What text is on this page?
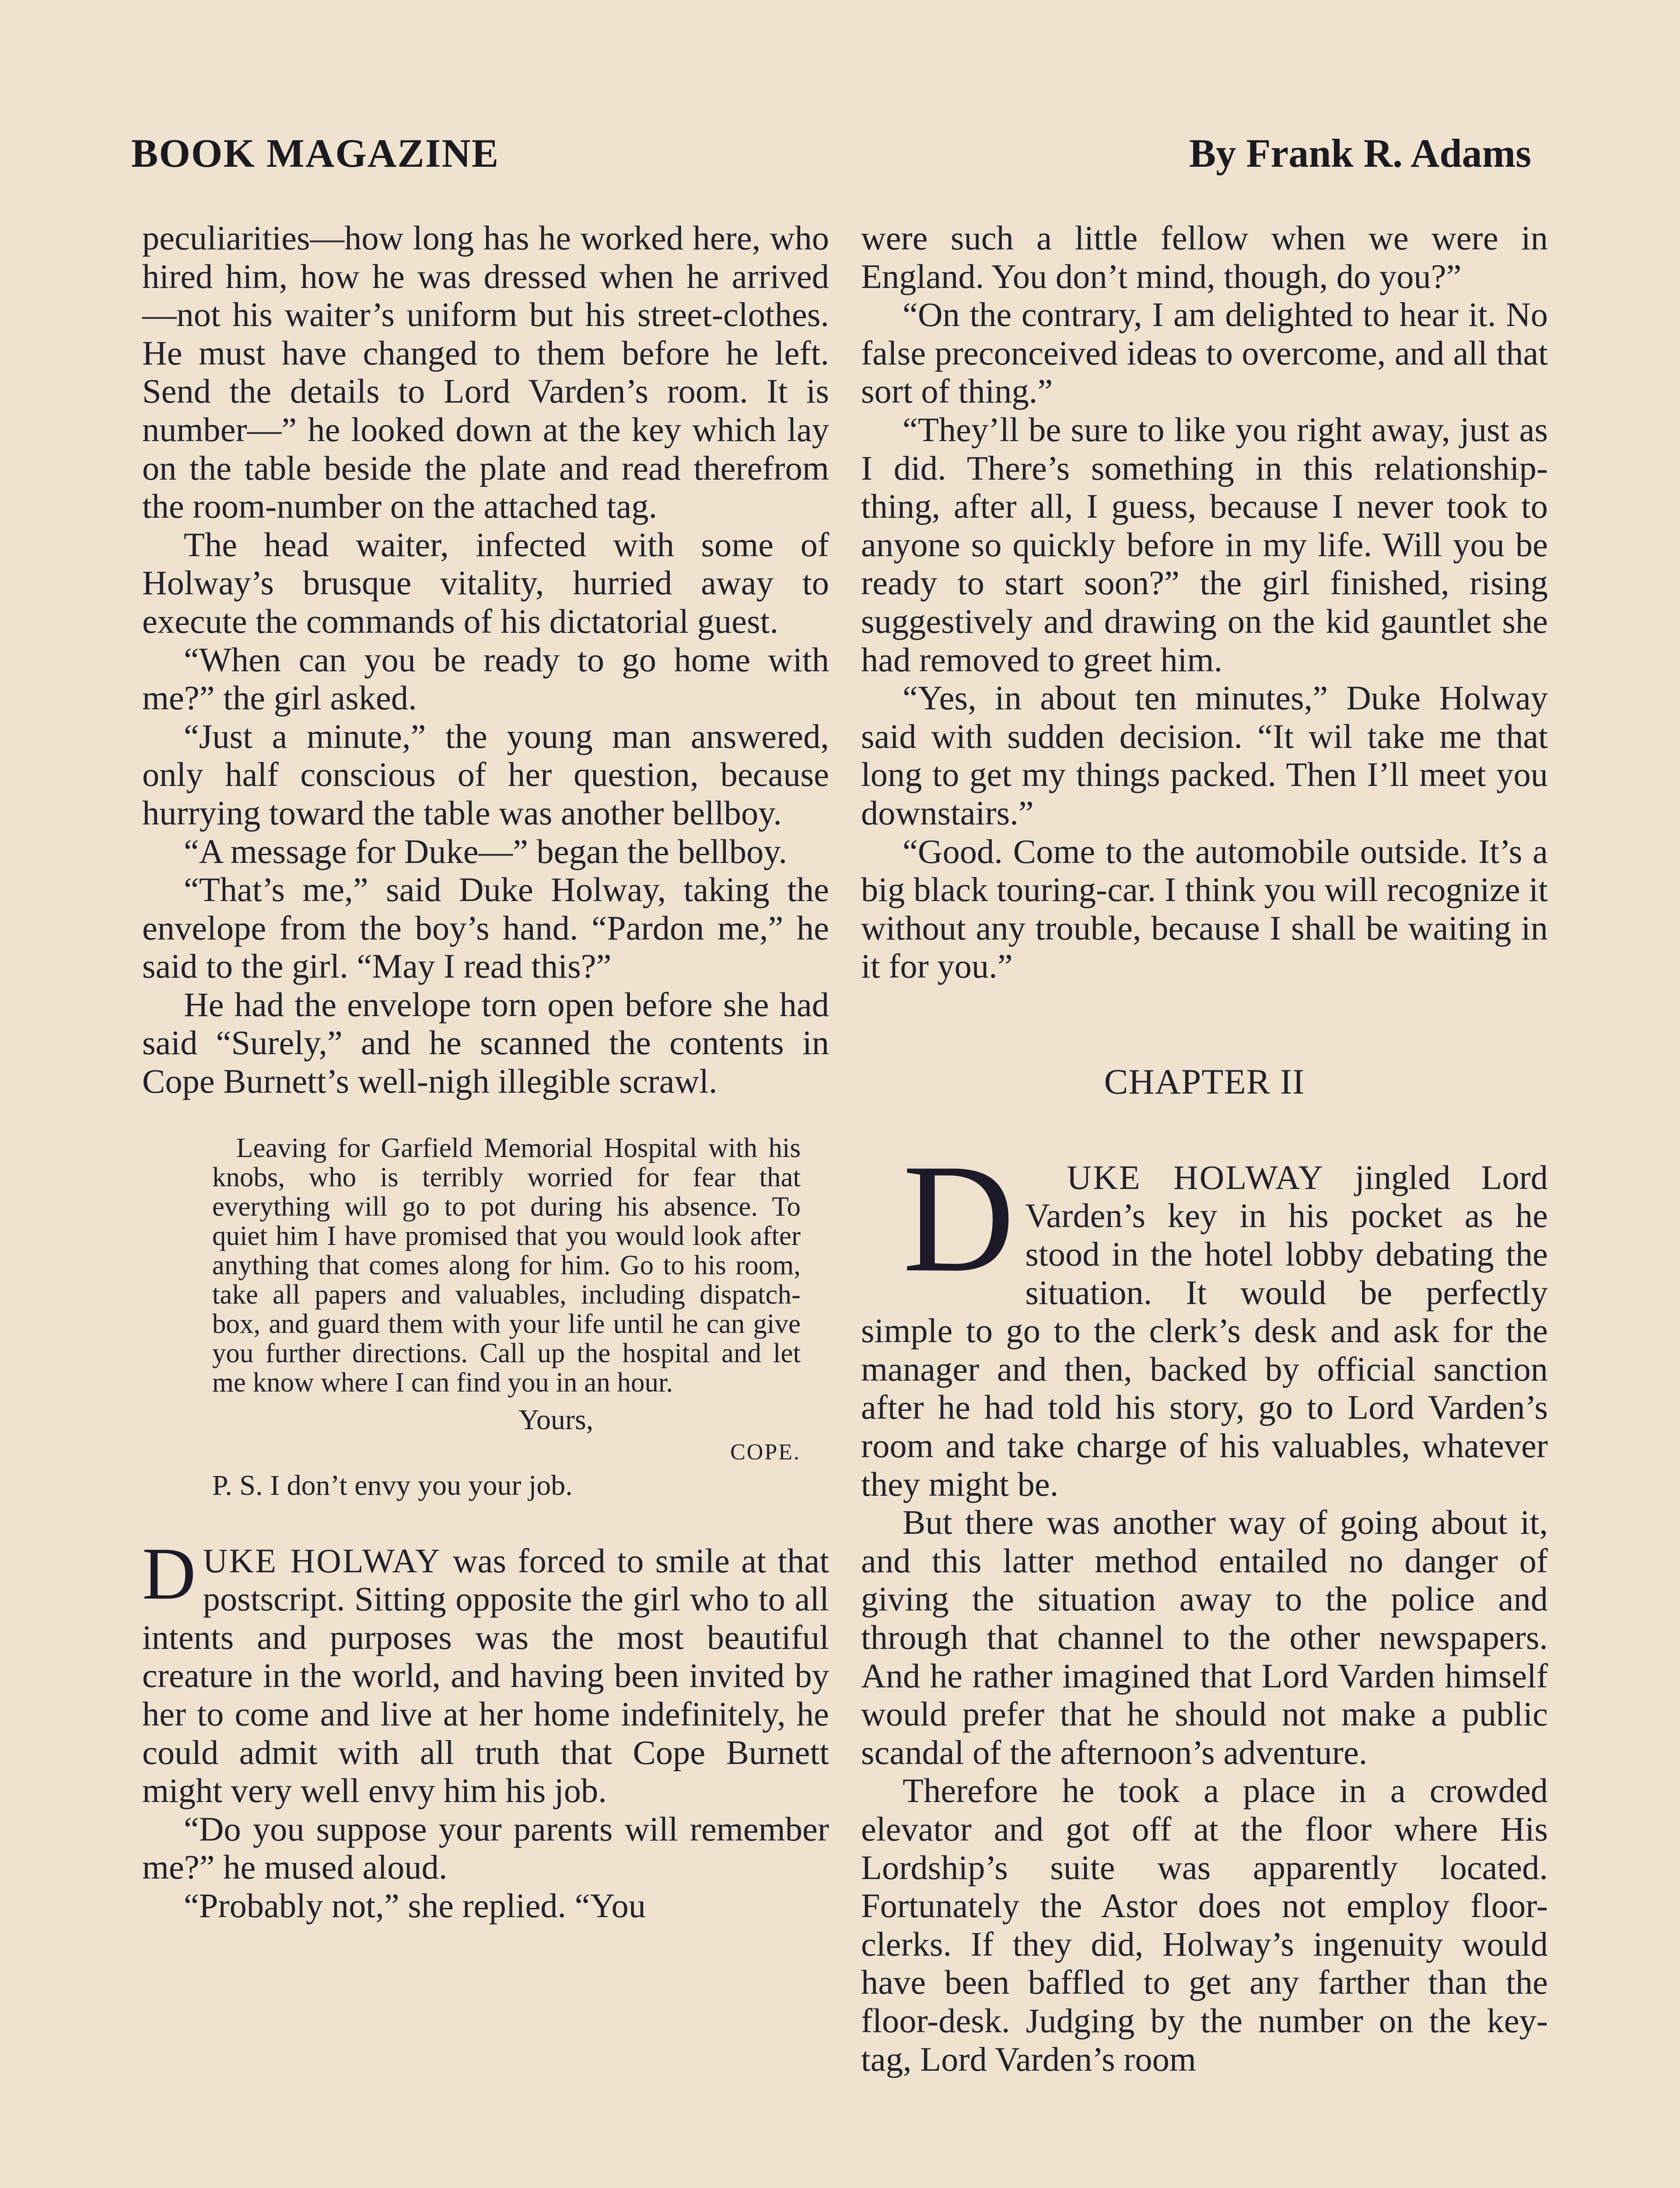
BOOK MAGAZINE	By Frank R. Adams

peculiarities—how long has he worked here, who hired him, how he was dressed when he arrived—not his waiter’s uniform but his street-clothes. He must have changed to them before he left. Send the details to Lord Varden’s room. It is number—” he looked down at the key which lay on the table beside the plate and read therefrom the room-number on the attached tag.

The head waiter, infected with some of Holway’s brusque vitality, hurried away to execute the commands of his dictatorial guest.

“When can you be ready to go home with me?” the girl asked.

“Just a minute,” the young man answered, only half conscious of her question, because hurrying toward the table was another bellboy.

“A message for Duke—” began the bellboy.

“That’s me,” said Duke Holway, taking the envelope from the boy’s hand. “Pardon me,” he said to the girl. “May I read this?”

He had the envelope torn open before she had said “Surely,” and he scanned the contents in Cope Burnett’s well-nigh illegible scrawl.

Leaving for Garfield Memorial Hospital with his knobs, who is terribly worried for fear that everything will go to pot during his absence. To quiet him I have promised that you would look after anything that comes along for him. Go to his room, take all papers and valuables, including dispatch-box, and guard them with your life until he can give you further directions. Call up the hospital and let me know where I can find you in an hour.

Yours,
COPE.
P. S. I don’t envy you your job.

DUKE HOLWAY was forced to smile at that postscript. Sitting opposite the girl who to all intents and purposes was the most beautiful creature in the world, and having been invited by her to come and live at her home indefinitely, he could admit with all truth that Cope Burnett might very well envy him his job.

“Do you suppose your parents will remember me?” he mused aloud.

“Probably not,” she replied. “You

were such a little fellow when we were in England. You don’t mind, though, do you?”

“On the contrary, I am delighted to hear it. No false preconceived ideas to overcome, and all that sort of thing.”

“They’ll be sure to like you right away, just as I did. There’s something in this relationship-thing, after all, I guess, because I never took to anyone so quickly before in my life. Will you be ready to start soon?” the girl finished, rising suggestively and drawing on the kid gauntlet she had removed to greet him.

“Yes, in about ten minutes,” Duke Holway said with sudden decision. “It wil take me that long to get my things packed. Then I’ll meet you downstairs.”

“Good. Come to the automobile outside. It’s a big black touring-car. I think you will recognize it without any trouble, because I shall be waiting in it for you.”

CHAPTER II

D UKE HOLWAY jingled Lord Varden’s key in his pocket as he stood in the hotel lobby debating the situation. It would be perfectly simple to go to the clerk’s desk and ask for the manager and then, backed by official sanction after he had told his story, go to Lord Varden’s room and take charge of his valuables, whatever they might be.

But there was another way of going about it, and this latter method entailed no danger of giving the situation away to the police and through that channel to the other newspapers. And he rather imagined that Lord Varden himself would prefer that he should not make a public scandal of the afternoon’s adventure.

Therefore he took a place in a crowded elevator and got off at the floor where His Lordship’s suite was apparently located. Fortunately the Astor does not employ floor-clerks. If they did, Holway’s ingenuity would have been baffled to get any farther than the floor-desk. Judging by the number on the key-tag, Lord Varden’s room
